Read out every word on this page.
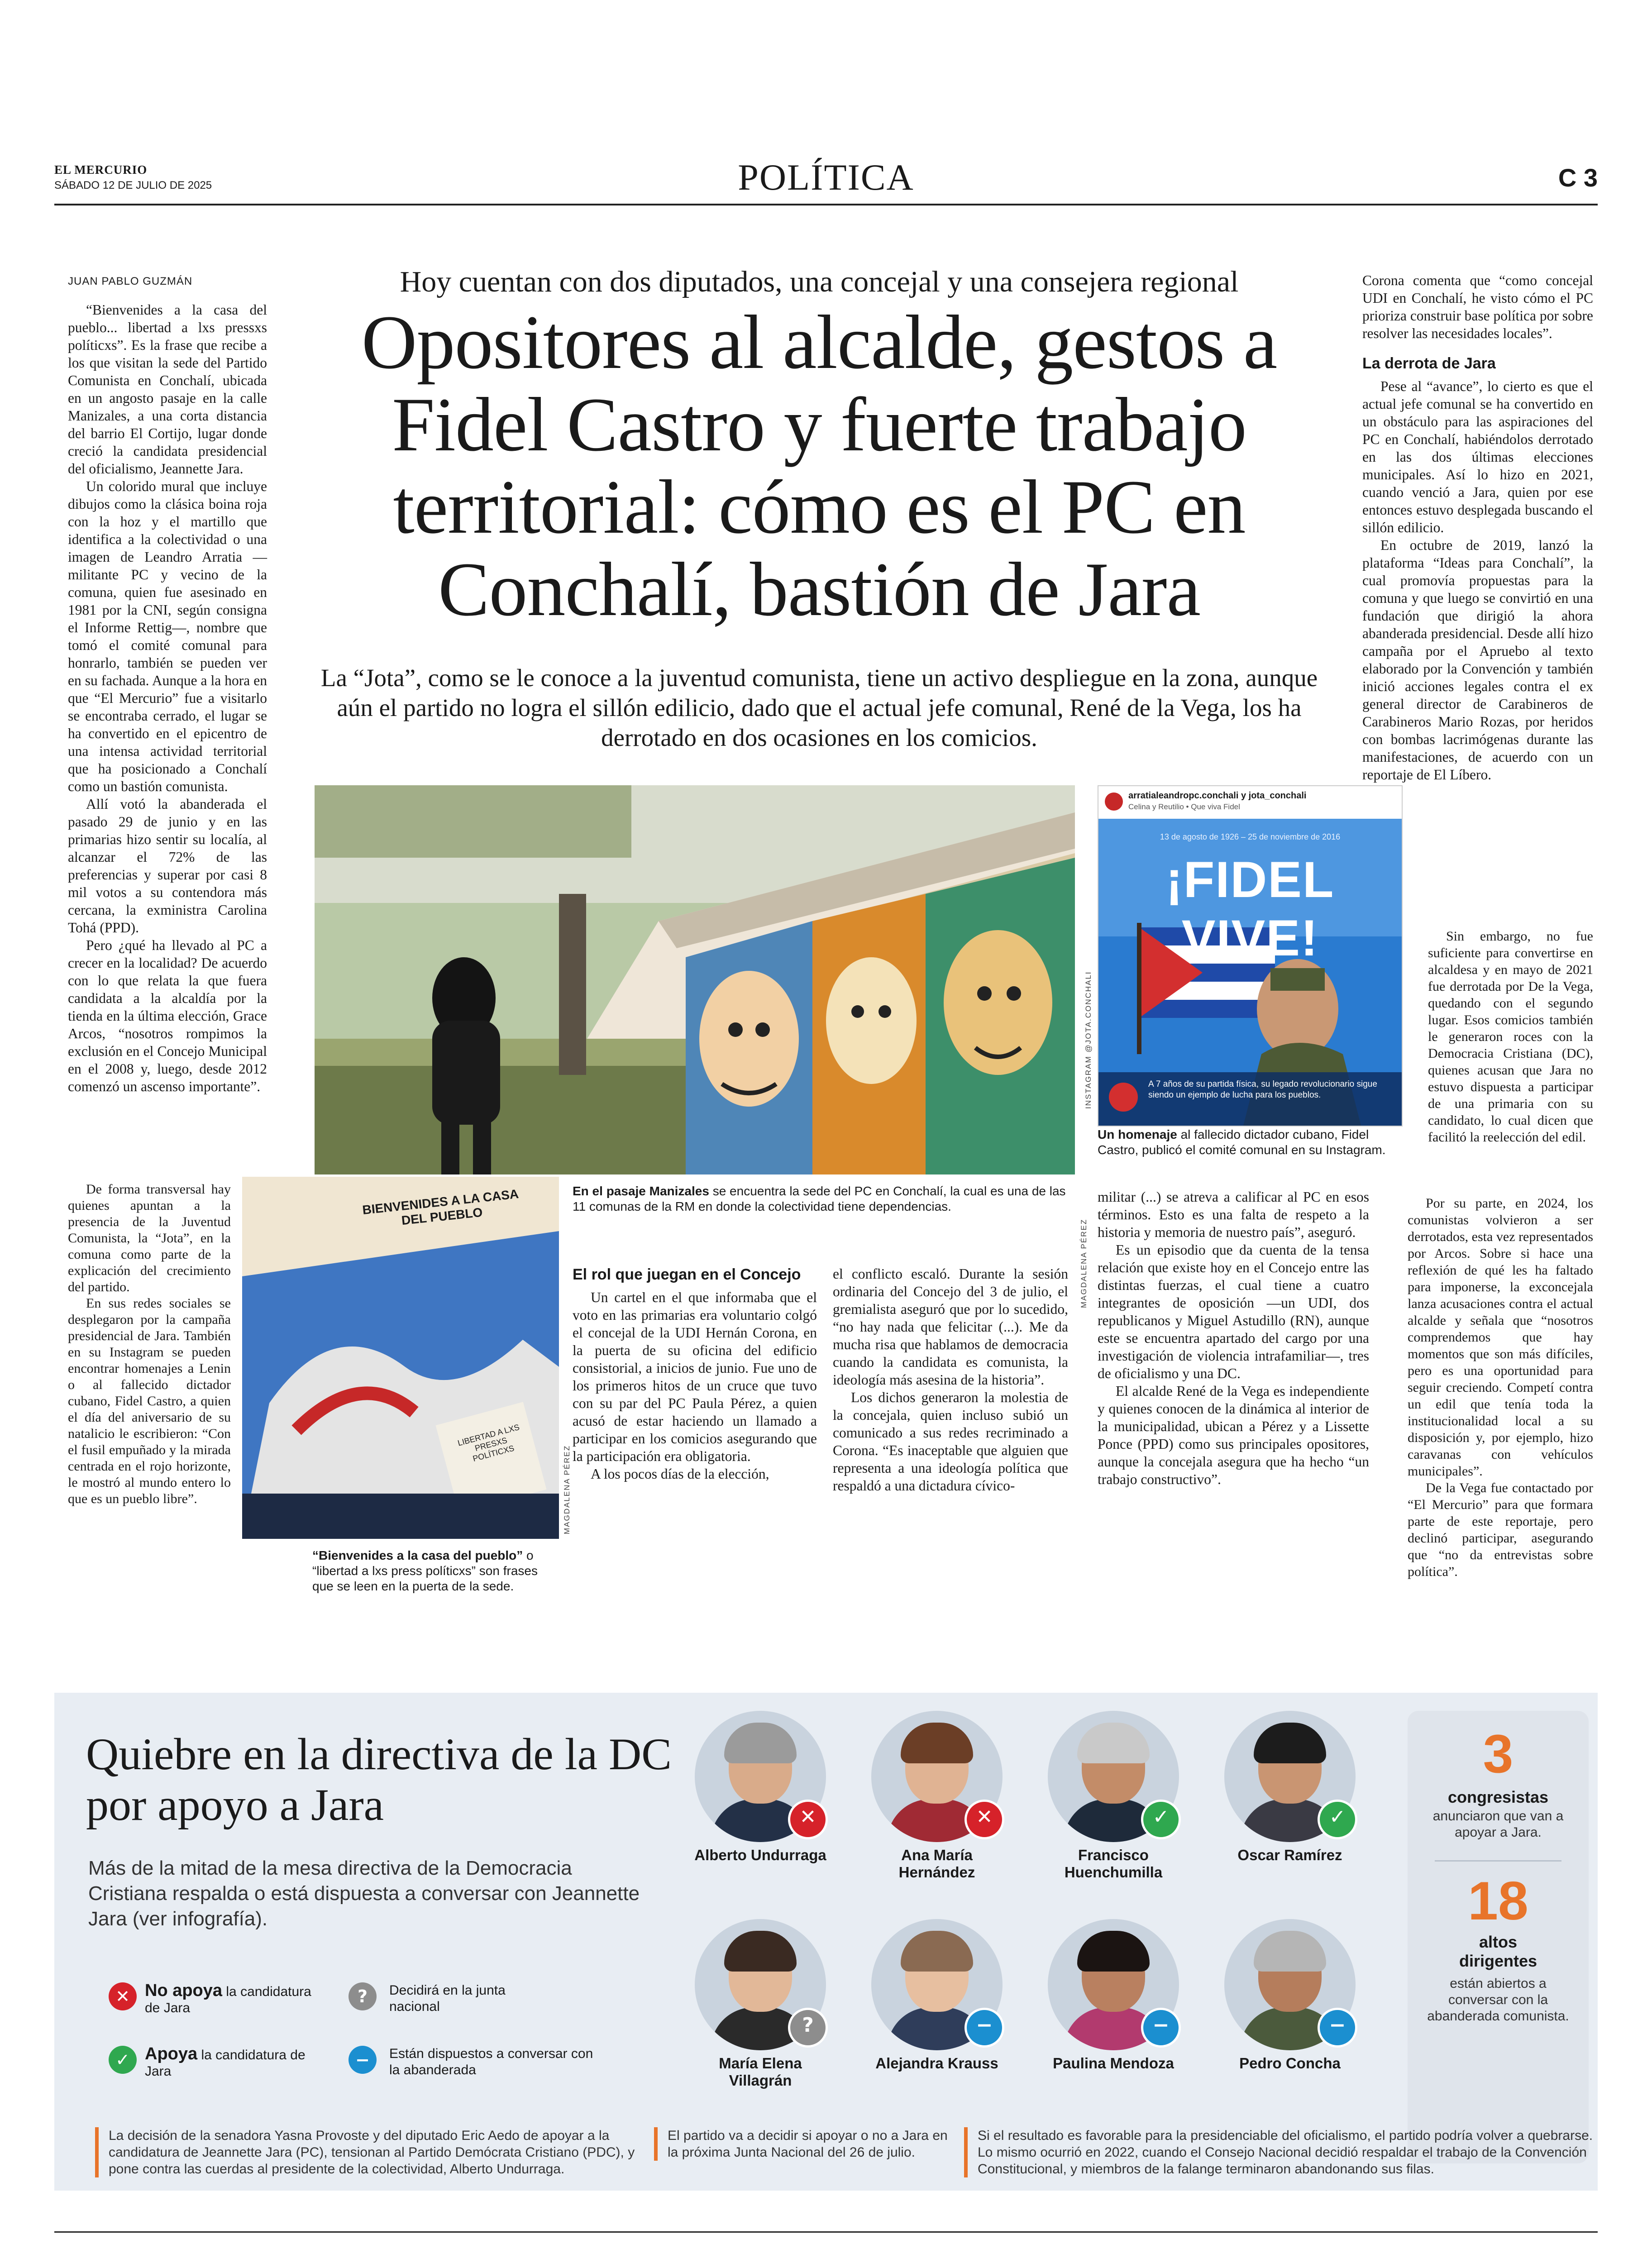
EL MERCURIO
SÁBADO 12 DE JULIO DE 2025	POLÍTICA	C 3
JUAN PABLO GUZMÁN

“Bienvenides a la casa del pueblo... libertad a lxs pressxs políticxs”. Es la frase que recibe a los que visitan la sede del Partido Comunista en Conchalí, ubicada en un angosto pasaje en la calle Manizales, a una corta distancia del barrio El Cortijo, lugar donde creció la candidata presidencial del oficialismo, Jeannette Jara.

Un colorido mural que incluye dibujos como la clásica boina roja con la hoz y el martillo que identifica a la colectividad o una imagen de Leandro Arratia —militante PC y vecino de la comuna, quien fue asesinado en 1981 por la CNI, según consigna el Informe Rettig—, nombre que tomó el comité comunal para honrarlo, también se pueden ver en su fachada. Aunque a la hora en que “El Mercurio” fue a visitarlo se encontraba cerrado, el lugar se ha convertido en el epicentro de una intensa actividad territorial que ha posicionado a Conchalí como un bastión comunista.

Allí votó la abanderada el pasado 29 de junio y en las primarias hizo sentir su localía, al alcanzar el 72% de las preferencias y superar por casi 8 mil votos a su contendora más cercana, la exministra Carolina Tohá (PPD).

Pero ¿qué ha llevado al PC a crecer en la localidad? De acuerdo con lo que relata la que fuera candidata a la alcaldía por la tienda en la última elección, Grace Arcos, “nosotros rompimos la exclusión en el Concejo Municipal en el 2008 y, luego, desde 2012 comenzó un ascenso importante”.

De forma transversal hay quienes apuntan a la presencia de la Juventud Comunista, la “Jota”, en la comuna como parte de la explicación del crecimiento del partido.

En sus redes sociales se desplegaron por la campaña presidencial de Jara. También en su Instagram se pueden encontrar homenajes a Lenin o al fallecido dictador cubano, Fidel Castro, a quien el día del aniversario de su natalicio le escribieron: “Con el fusil empuñado y la mirada centrada en el rojo horizonte, le mostró al mundo entero lo que es un pueblo libre”.

Hoy cuentan con dos diputados, una concejal y una consejera regional
Opositores al alcalde, gestos a Fidel Castro y fuerte trabajo territorial: cómo es el PC en Conchalí, bastión de Jara
La “Jota”, como se le conoce a la juventud comunista, tiene un activo despliegue en la zona, aunque aún el partido no logra el sillón edilicio, dado que el actual jefe comunal, René de la Vega, los ha derrotado en dos ocasiones en los comicios.
MAGDALENA PÉREZ
BIENVENIDES A LA CASA DEL PUEBLO
LIBERTAD A LXS PRESXS POLÍTICXS	MAGDALENA PÉREZ
“Bienvenides a la casa del pueblo” o “libertad a lxs press políticxs” son frases que se leen en la puerta de la sede.
En el pasaje Manizales se encuentra la sede del PC en Conchalí, la cual es una de las 11 comunas de la RM en donde la colectividad tiene dependencias.
arratialeandropc.conchali y jota_conchali
Celina y Reutilio • Que viva Fidel
13 de agosto de 1926 – 25 de noviembre de 2016
¡FIDEL VIVE!
A 7 años de su partida física, su legado revolucionario sigue siendo un ejemplo de lucha para los pueblos.
INSTAGRAM @JOTA.CONCHALI
Un homenaje al fallecido dictador cubano, Fidel Castro, publicó el comité comunal en su Instagram.
El rol que juegan en el Concejo

Un cartel en el que informaba que el voto en las primarias era voluntario colgó el concejal de la UDI Hernán Corona, en la puerta de su oficina del edificio consistorial, a inicios de junio. Fue uno de los primeros hitos de un cruce que tuvo con su par del PC Paula Pérez, a quien acusó de estar haciendo un llamado a participar en los comicios asegurando que la participación era obligatoria.

A los pocos días de la elección,

el conflicto escaló. Durante la sesión ordinaria del Concejo del 3 de julio, el gremialista aseguró que por lo sucedido, “no hay nada que felicitar (...). Me da mucha risa que hablamos de democracia cuando la candidata es comunista, la ideología más asesina de la historia”.

Los dichos generaron la molestia de la concejala, quien incluso subió un comunicado a sus redes recriminado a Corona. “Es inaceptable que alguien que representa a una ideología política que respaldó a una dictadura cívico-

militar (...) se atreva a calificar al PC en esos términos. Esto es una falta de respeto a la historia y memoria de nuestro país”, aseguró.

Es un episodio que da cuenta de la tensa relación que existe hoy en el Concejo entre las distintas fuerzas, el cual tiene a cuatro integrantes de oposición —un UDI, dos republicanos y Miguel Astudillo (RN), aunque este se encuentra apartado del cargo por una investigación de violencia intrafamiliar—, tres de oficialismo y una DC.

El alcalde René de la Vega es independiente y quienes conocen de la dinámica al interior de la municipalidad, ubican a Pérez y a Lissette Ponce (PPD) como sus principales opositores, aunque la concejala asegura que ha hecho “un trabajo constructivo”.

Corona comenta que “como concejal UDI en Conchalí, he visto cómo el PC prioriza construir base política por sobre resolver las necesidades locales”.

La derrota de Jara

Pese al “avance”, lo cierto es que el actual jefe comunal se ha convertido en un obstáculo para las aspiraciones del PC en Conchalí, habiéndolos derrotado en las dos últimas elecciones municipales. Así lo hizo en 2021, cuando venció a Jara, quien por ese entonces estuvo desplegada buscando el sillón edilicio.

En octubre de 2019, lanzó la plataforma “Ideas para Conchalí”, la cual promovía propuestas para la comuna y que luego se convirtió en una fundación que dirigió la ahora abanderada presidencial. Desde allí hizo campaña por el Apruebo al texto elaborado por la Convención y también inició acciones legales contra el ex general director de Carabineros de Carabineros Mario Rozas, por heridos con bombas lacrimógenas durante las manifestaciones, de acuerdo con un reportaje de El Líbero.

Sin embargo, no fue suficiente para convertirse en alcaldesa y en mayo de 2021 fue derrotada por De la Vega, quedando con el segundo lugar. Esos comicios también le generaron roces con la Democracia Cristiana (DC), quienes acusan que Jara no estuvo dispuesta a participar de una primaria con su candidato, lo cual dicen que facilitó la reelección del edil.

Por su parte, en 2024, los comunistas volvieron a ser derrotados, esta vez representados por Arcos. Sobre si hace una reflexión de qué les ha faltado para imponerse, la exconcejala lanza acusaciones contra el actual alcalde y señala que “nosotros comprendemos que hay momentos que son más difíciles, pero es una oportunidad para seguir creciendo. Competí contra un edil que tenía toda la institucionalidad local a su disposición y, por ejemplo, hizo caravanas con vehículos municipales”.

De la Vega fue contactado por “El Mercurio” para que formara parte de este reportaje, pero declinó participar, asegurando que “no da entrevistas sobre política”.

Quiebre en la directiva de la DC por apoyo a Jara
Más de la mitad de la mesa directiva de la Democracia Cristiana respalda o está dispuesta a conversar con Jeannette Jara (ver infografía).
✕ No apoya la candidatura de Jara
✓ Apoya la candidatura de Jara
?	Decidirá en la junta nacional
−	Están dispuestos a conversar con la abanderada
✕
Alberto Undurraga
✕
Ana María Hernández
✓
Francisco Huenchumilla
✓
Oscar Ramírez
?
María Elena Villagrán
−
Alejandra Krauss
−
Paulina Mendoza
−
Pedro Concha
3
congresistas
anunciaron que van a apoyar a Jara.
18
altos dirigentes
están abiertos a conversar con la abanderada comunista.
La decisión de la senadora Yasna Provoste y del diputado Eric Aedo de apoyar a la candidatura de Jeannette Jara (PC), tensionan al Partido Demócrata Cristiano (PDC), y pone contra las cuerdas al presidente de la colectividad, Alberto Undurraga.
El partido va a decidir si apoyar o no a Jara en la próxima Junta Nacional del 26 de julio.
Si el resultado es favorable para la presidenciable del oficialismo, el partido podría volver a quebrarse. Lo mismo ocurrió en 2022, cuando el Consejo Nacional decidió respaldar el trabajo de la Convención Constitucional, y miembros de la falange terminaron abandonando sus filas.
